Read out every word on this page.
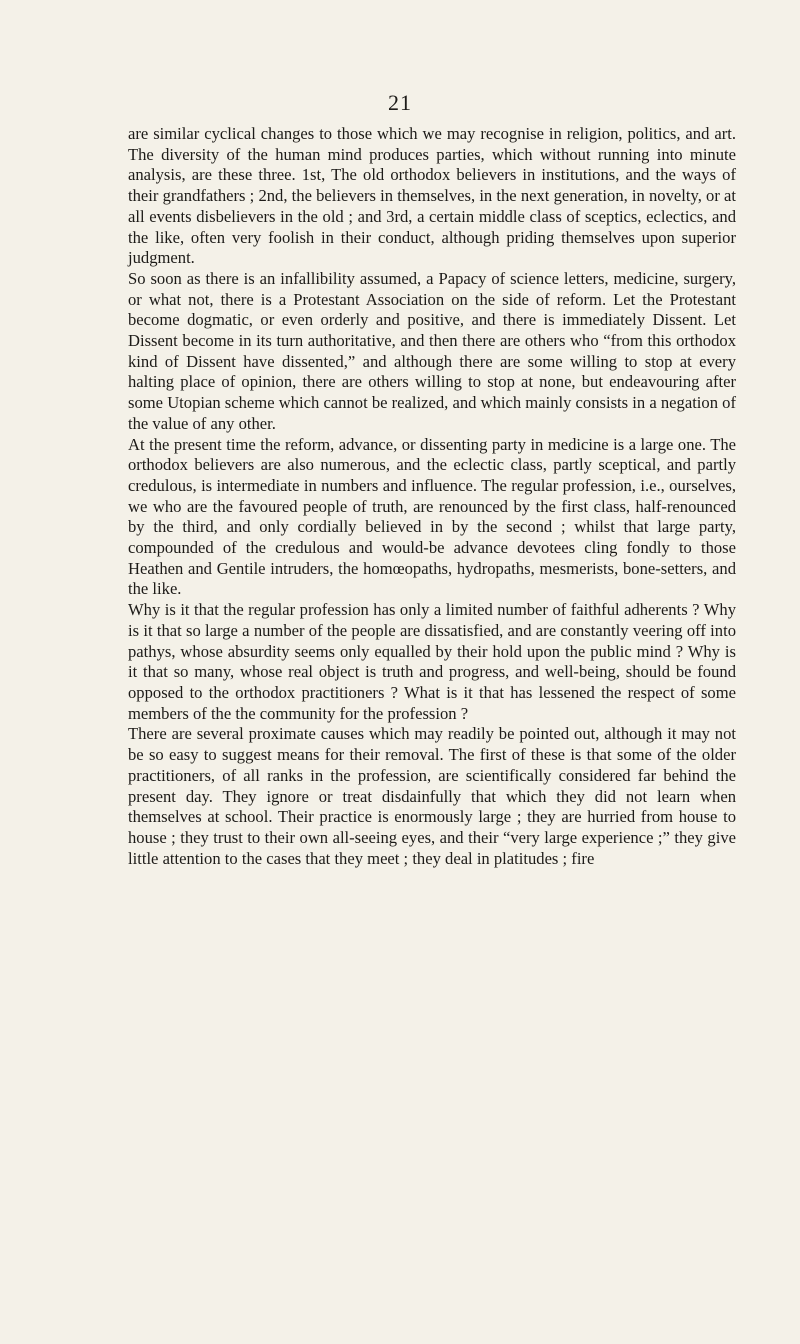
21

are similar cyclical changes to those which we may recognise in religion, politics, and art. The diversity of the human mind produces parties, which without running into minute analysis, are these three. 1st, The old orthodox believers in institutions, and the ways of their grandfathers ; 2nd, the believers in themselves, in the next generation, in novelty, or at all events disbelievers in the old ; and 3rd, a certain middle class of sceptics, eclectics, and the like, often very foolish in their conduct, although priding themselves upon superior judgment.

So soon as there is an infallibility assumed, a Papacy of science letters, medicine, surgery, or what not, there is a Protestant Association on the side of reform. Let the Protestant become dogmatic, or even orderly and positive, and there is immediately Dissent. Let Dissent become in its turn authoritative, and then there are others who “from this orthodox kind of Dissent have dissented,” and although there are some willing to stop at every halting place of opinion, there are others willing to stop at none, but endeavouring after some Utopian scheme which cannot be realized, and which mainly consists in a negation of the value of any other.

At the present time the reform, advance, or dissenting party in medicine is a large one. The orthodox believers are also numerous, and the eclectic class, partly sceptical, and partly credulous, is intermediate in numbers and influence. The regular profession, i.e., ourselves, we who are the favoured people of truth, are renounced by the first class, half-renounced by the third, and only cordially believed in by the second ; whilst that large party, compounded of the credulous and would-be advance devotees cling fondly to those Heathen and Gentile intruders, the homœopaths, hydropaths, mesmerists, bone-setters, and the like.

Why is it that the regular profession has only a limited number of faithful adherents ? Why is it that so large a number of the people are dissatisfied, and are constantly veering off into pathys, whose absurdity seems only equalled by their hold upon the public mind ? Why is it that so many, whose real object is truth and progress, and well-being, should be found opposed to the orthodox practitioners ? What is it that has lessened the respect of some members of the the community for the profession ?

There are several proximate causes which may readily be pointed out, although it may not be so easy to suggest means for their removal. The first of these is that some of the older practitioners, of all ranks in the profession, are scientifically considered far behind the present day. They ignore or treat disdainfully that which they did not learn when themselves at school. Their practice is enormously large ; they are hurried from house to house ; they trust to their own all-seeing eyes, and their “very large experience ;” they give little attention to the cases that they meet ; they deal in platitudes ; fire
